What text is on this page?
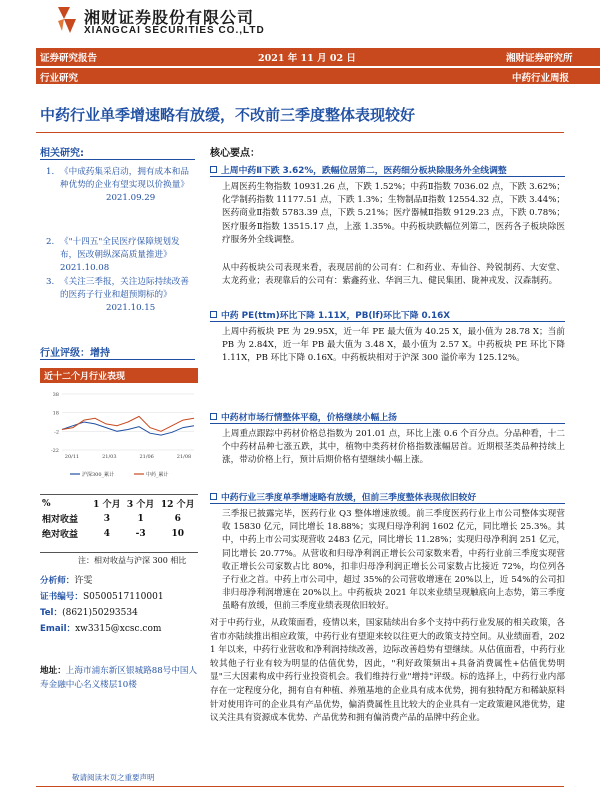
湘财证券股份有限公司
XIANGCAI SECURITIES CO.,LTD
证券研究报告	2021 年 11 月 02 日	湘财证券研究所
行业研究	中药行业周报
中药行业单季增速略有放缓，不改前三季度整体表现较好
相关研究:
1. 《中成药集采启动，拥有成本和品种优势的企业有望实现以价换量》
2021.09.29
2. 《"十四五"全民医疗保障规划发布，医改朝纵深高质量推进》
2021.10.08
3. 《关注三季报，关注边际持续改善的医药子行业和超预期标的》
2021.10.15
行业评级：增持
近十二个月行业表现
38
18
-2
-22
20/11	21/03	21/06	21/08
沪深300_累计	中药_累计
%	1 个月	3 个月	12 个月
相对收益	3	1	6
绝对收益	4	-3	10
注：相对收益与沪深 300 相比
分析师：许雯
证书编号：S0500517110001
Tel：(8621)50293534
Email：xw3315@xcsc.com
地址：上海市浦东新区银城路88号中国人寿金融中心名义楼层10楼
核心要点：
上周中药Ⅱ下跌 3.62%，跌幅位居第二，医药细分板块除服务外全线调整
上周医药生物指数 10931.26 点，下跌 1.52%；中药Ⅱ指数 7036.02 点，下跌 3.62%；化学制药指数 11177.51 点，下跌 1.3%；生物制品Ⅱ指数 12554.32 点，下跌 3.44%；医药商业Ⅱ指数 5783.39 点，下跌 5.21%；医疗器械Ⅱ指数 9129.23 点，下跌 0.78%；医疗服务Ⅱ指数 13515.17 点，上涨 1.35%。中药板块跌幅位列第二，医药各子板块除医疗服务外全线调整。
从中药板块公司表现来看，表现居前的公司有：仁和药业、寿仙谷、羚锐制药、大安堂、太龙药业；表现靠后的公司有：紫鑫药业、华润三九、健民集团、陇神戎发、汉森制药。
中药 PE(ttm)环比下降 1.11X，PB(lf)环比下降 0.16X
上周中药板块 PE 为 29.95X，近一年 PE 最大值为 40.25 X，最小值为 28.78 X；当前 PB 为 2.84X，近一年 PB 最大值为 3.48 X，最小值为 2.57 X。中药板块 PE 环比下降 1.11X，PB 环比下降 0.16X。中药板块相对于沪深 300 溢价率为 125.12%。
中药材市场行情整体平稳，价格继续小幅上扬
上周重点跟踪中药材价格总指数为 201.01 点，环比上涨 0.6 个百分点。分品种看，十二个中药材品种七涨五跌，其中，植物中类药材价格指数涨幅居首。近期根茎类品种持续上涨，带动价格上行，预计后期价格有望继续小幅上涨。
中药行业三季度单季增速略有放缓，但前三季度整体表现依旧较好
三季报已披露完毕，医药行业 Q3 整体增速放缓。前三季度医药行业上市公司整体实现营收 15830 亿元，同比增长 18.88%；实现归母净利润 1602 亿元，同比增长 25.3%。其中，中药上市公司实现营收 2483 亿元，同比增长 11.28%；实现归母净利润 251 亿元，同比增长 20.77%。从营收和归母净利润正增长公司家数来看，中药行业前三季度实现营收正增长公司家数占比 80%，扣非归母净利润正增长公司家数占比接近 72%，均位列各子行业之首。中药上市公司中，超过 35%的公司营收增速在 20%以上，近 54%的公司扣非归母净利润增速在 20%以上。中药板块 2021 年以来业绩呈现触底向上态势，第三季度虽略有放缓，但前三季度业绩表现依旧较好。
对于中药行业，从政策面看，疫情以来，国家陆续出台多个支持中药行业发展的相关政策，各省市亦陆续推出相应政策，中药行业有望迎来较以往更大的政策支持空间。从业绩面看，2021 年以来，中药行业营收和净利润持续改善，边际改善趋势有望继续。从估值面看，中药行业较其他子行业有较为明显的估值优势，因此，"利好政策频出+具备消费属性+估值优势明显"三大因素构成中药行业投资机会。我们维持行业"增持"评级。标的选择上，中药行业内部存在一定程度分化，拥有自有种植、养殖基地的企业具有成本优势，拥有独特配方和稀缺原料针对使用许可的企业具有产品优势，偏消费属性且比较大的企业具有一定政策避风港优势，建议关注具有资源成本优势、产品优势和拥有偏消费产品的品牌中药企业。
敬请阅读末页之重要声明
